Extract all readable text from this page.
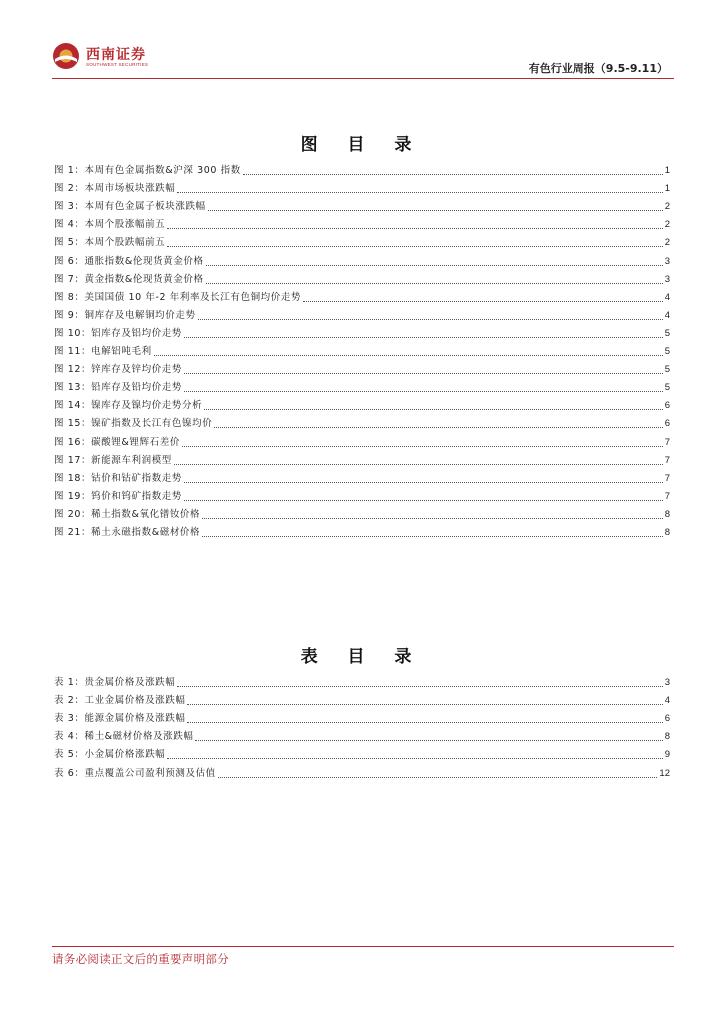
西南证券
SOUTHWEST SECURITIES	有色行业周报（9.5-9.11）
图 目 录
图 1：本周有色金属指数&沪深 300 指数	1
图 2：本周市场板块涨跌幅	1
图 3：本周有色金属子板块涨跌幅	2
图 4：本周个股涨幅前五	2
图 5：本周个股跌幅前五	2
图 6：通胀指数&伦现货黄金价格	3
图 7：黄金指数&伦现货黄金价格	3
图 8：美国国债 10 年-2 年利率及长江有色铜均价走势	4
图 9：铜库存及电解铜均价走势	4
图 10：铝库存及铝均价走势	5
图 11：电解铝吨毛利	5
图 12：锌库存及锌均价走势	5
图 13：铅库存及铅均价走势	5
图 14：镍库存及镍均价走势分析	6
图 15：镍矿指数及长江有色镍均价	6
图 16：碳酸锂&锂辉石差价	7
图 17：新能源车利润模型	7
图 18：钴价和钴矿指数走势	7
图 19：钨价和钨矿指数走势	7
图 20：稀土指数&氧化镨钕价格	8
图 21：稀土永磁指数&磁材价格	8
表 目 录
表 1：贵金属价格及涨跌幅	3
表 2：工业金属价格及涨跌幅	4
表 3：能源金属价格及涨跌幅	6
表 4：稀土&磁材价格及涨跌幅	8
表 5：小金属价格涨跌幅	9
表 6：重点覆盖公司盈利预测及估值	12
请务必阅读正文后的重要声明部分
